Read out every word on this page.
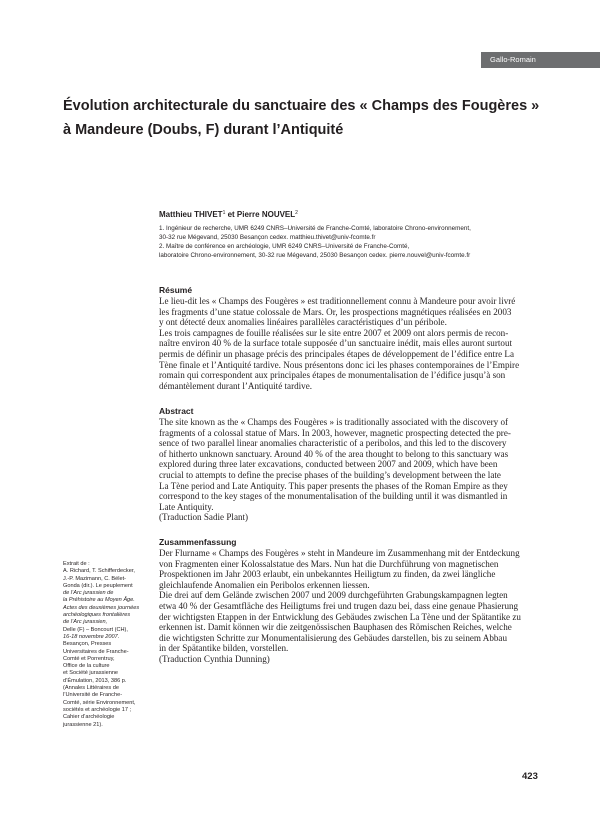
Gallo-Romain
Évolution architecturale du sanctuaire des « Champs des Fougères »
à Mandeure (Doubs, F) durant l’Antiquité
Matthieu THIVET$^1$ et Pierre NOUVEL$^2$
1. Ingénieur de recherche, UMR 6249 CNRS–Université de Franche-Comté, laboratoire Chrono-environnement,
30-32 rue Mégevand, 25030 Besançon cedex. matthieu.thivet@univ-fcomte.fr
2. Maître de conférence en archéologie, UMR 6249 CNRS–Université de Franche-Comté,
laboratoire Chrono-environnement, 30-32 rue Mégevand, 25030 Besançon cedex. pierre.nouvel@univ-fcomte.fr
Résumé
Le lieu-dit les « Champs des Fougères » est traditionnellement connu à Mandeure pour avoir livré
les fragments d’une statue colossale de Mars. Or, les prospections magnétiques réalisées en 2003
y ont détecté deux anomalies linéaires parallèles caractéristiques d’un péribole.
Les trois campagnes de fouille réalisées sur le site entre 2007 et 2009 ont alors permis de recon-
naître environ 40 % de la surface totale supposée d’un sanctuaire inédit, mais elles auront surtout
permis de définir un phasage précis des principales étapes de développement de l’édifice entre La
Tène finale et l’Antiquité tardive. Nous présentons donc ici les phases contemporaines de l’Empire
romain qui correspondent aux principales étapes de monumentalisation de l’édifice jusqu’à son
démantèlement durant l’Antiquité tardive.
Abstract
The site known as the « Champs des Fougères » is traditionally associated with the discovery of
fragments of a colossal statue of Mars. In 2003, however, magnetic prospecting detected the pre-
sence of two parallel linear anomalies characteristic of a peribolos, and this led to the discovery
of hitherto unknown sanctuary. Around 40 % of the area thought to belong to this sanctuary was
explored during three later excavations, conducted between 2007 and 2009, which have been
crucial to attempts to define the precise phases of the building’s development between the late
La Tène period and Late Antiquity. This paper presents the phases of the Roman Empire as they
correspond to the key stages of the monumentalisation of the building until it was dismantled in
Late Antiquity.
(Traduction Sadie Plant)
Zusammenfassung
Der Flurname « Champs des Fougères » steht in Mandeure im Zusammenhang mit der Entdeckung
von Fragmenten einer Kolossalstatue des Mars. Nun hat die Durchführung von magnetischen
Prospektionen im Jahr 2003 erlaubt, ein unbekanntes Heiligtum zu finden, da zwei längliche
gleichlaufende Anomalien ein Peribolos erkennen liessen.
Die drei auf dem Gelände zwischen 2007 und 2009 durchgeführten Grabungskampagnen legten
etwa 40 % der Gesamtfläche des Heiligtums frei und trugen dazu bei, dass eine genaue Phasierung
der wichtigsten Etappen in der Entwicklung des Gebäudes zwischen La Tène und der Spätantike zu
erkennen ist. Damit können wir die zeitgenössischen Bauphasen des Römischen Reiches, welche
die wichtigsten Schritte zur Monumentalisierung des Gebäudes darstellen, bis zu seinem Abbau
in der Spätantike bilden, vorstellen.
(Traduction Cynthia Dunning)
Extrait de :
A. Richard, T. Schifferdecker,
J.-P. Mazimann, C. Bélet-
Gonda (dir.). Le peuplement
de l’Arc jurassien de
la Préhistoire au Moyen Âge.
Actes des deuxièmes journées
archéologiques frontalières
de l’Arc jurassien,
Delle (F) – Boncourt (CH),
16-18 novembre 2007.
Besançon, Presses
Universitaires de Franche-
Comté et Porrentruy,
Office de la culture
et Société jurassienne
d’Émulation, 2013, 386 p.
(Annales Littéraires de
l’Université de Franche-
Comté, série Environnement,
sociétés et archéologie 17 ;
Cahier d’archéologie
jurassienne 21).
423
